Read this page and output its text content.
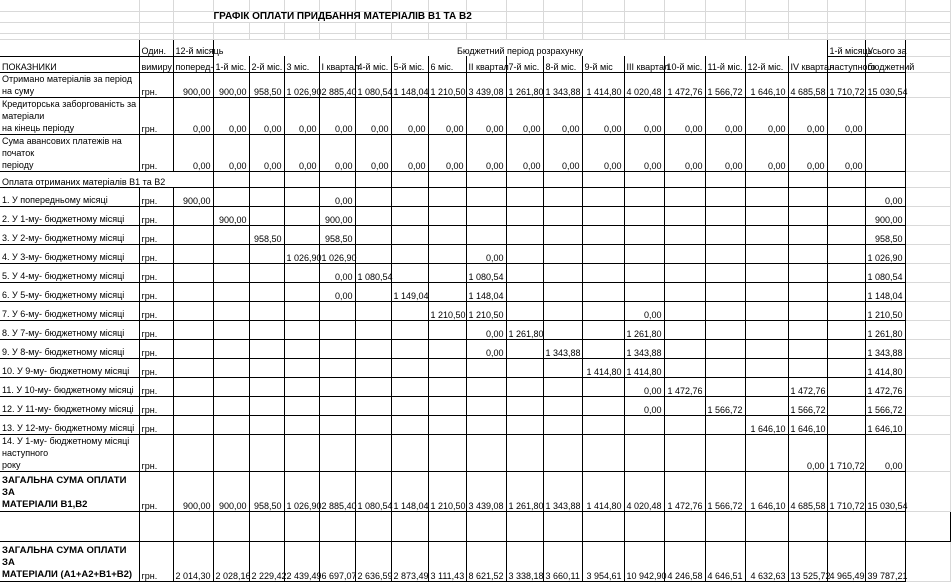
		ГРАФІК ОПЛАТИ ПРИДБАННЯ МАТЕРІАЛІВ В1 ТА В2																			

	Один.	12-й місяць	Бюджетний період розрахунку																1-й місяць	Усього за	
ПОКАЗНИКИ	вимиру	поперед-	1-й міс.	2-й міс.	3 міс.	І квартал	4-й міс.	5-й міс.	6 міс.	ІІ квартал	7-й міс.	8-й міс.	9-й міс	ІІІ квартал	10-й міс.	11-й міс.	12-й міс.	ІV квартал	наступного	бюджетний	
Отримано матеріалів за період на суму	грн.	900,00	900,00	958,50	1 026,90	2 885,40	1 080,54	1 148,04	1 210,50	3 439,08	1 261,80	1 343,88	1 414,80	4 020,48	1 472,76	1 566,72	1 646,10	4 685,58	1 710,72	15 030,54	

Кредиторська заборгованість за матеріали
на кінець періоду	грн.	0,00	0,00	0,00	0,00	0,00	0,00	0,00	0,00	0,00	0,00	0,00	0,00	0,00	0,00	0,00	0,00	0,00	0,00		

Сума авансових платежів на початок
періоду	грн.	0,00	0,00	0,00	0,00	0,00	0,00	0,00	0,00	0,00	0,00	0,00	0,00	0,00	0,00	0,00	0,00	0,00	0,00		
Оплата отриманих матеріалів В1 та В2																					
1. У попередньому місяці	грн.	900,00				0,00														0,00	
2. У 1-му- бюджетному місяці	грн.		900,00			900,00														900,00	
3. У 2-му- бюджетному місяці	грн.			958,50		958,50														958,50	
4. У 3-му- бюджетному місяці	грн.				1 026,90	1 026,90				0,00										1 026,90	
5. У 4-му- бюджетному місяці	грн.					0,00	1 080,54			1 080,54										1 080,54	
6. У 5-му- бюджетному місяці	грн.					0,00		1 149,04		1 148,04										1 148,04	
7. У 6-му- бюджетному місяці	грн.								1 210,50	1 210,50				0,00						1 210,50	
8. У 7-му- бюджетному місяці	грн.									0,00	1 261,80			1 261,80						1 261,80	
9. У 8-му- бюджетному місяці	грн.									0,00		1 343,88		1 343,88						1 343,88	
10. У 9-му- бюджетному місяці	грн.												1 414,80	1 414,80						1 414,80	
11. У 10-му- бюджетному місяці	грн.													0,00	1 472,76			1 472,76		1 472,76	
12. У 11-му- бюджетному місяці	грн.													0,00		1 566,72		1 566,72		1 566,72	
13. У 12-му- бюджетному місяці	грн.																1 646,10	1 646,10		1 646,10	

14. У 1-му- бюджетному місяці наступного
року	грн.																	0,00	1 710,72	0,00	

ЗАГАЛЬНА СУМА ОПЛАТИ ЗА
МАТЕРІАЛИ В1,В2	грн.	900,00	900,00	958,50	1 026,90	2 885,40	1 080,54	1 148,04	1 210,50	3 439,08	1 261,80	1 343,88	1 414,80	4 020,48	1 472,76	1 566,72	1 646,10	4 685,58	1 710,72	15 030,54	

ЗАГАЛЬНА СУМА ОПЛАТИ ЗА
МАТЕРІАЛИ (А1+А2+В1+В2)	грн.	2 014,30	2 028,16	2 229,42	2 439,49	6 697,07	2 636,59	2 873,49	3 111,43	8 621,52	3 338,18	3 660,11	3 954,61	10 942,90	4 246,58	4 646,51	4 632,63	13 525,72	4 965,49	39 787,21	
